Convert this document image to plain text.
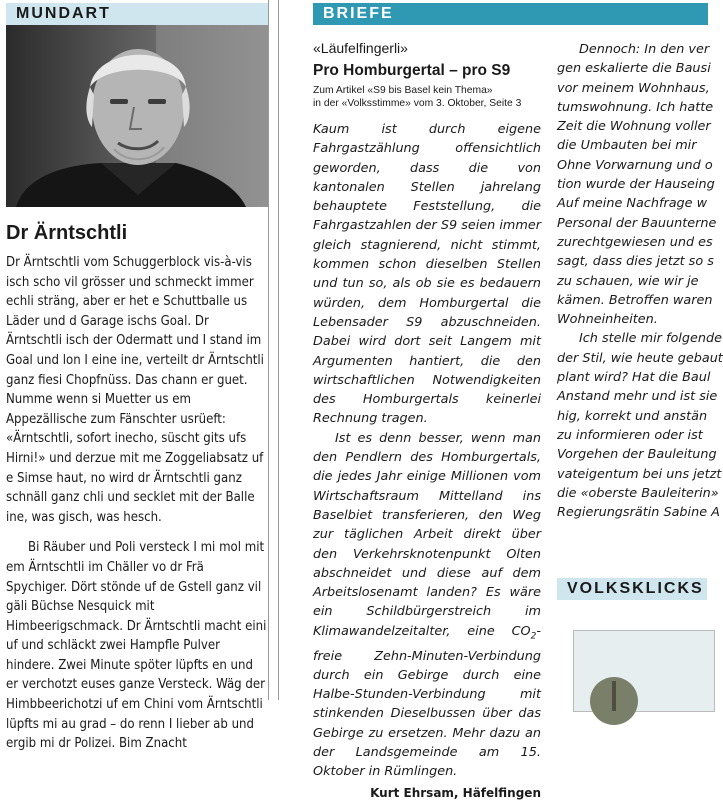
MUNDART
Dr Ärntschtli

Dr Ärntschtli vom Schuggerblock vis-à-vis isch scho vil grösser und schmeckt immer echli sträng, aber er het e Schuttballe us Läder und d Garage ischs Goal. Dr Ärntschtli isch der Odermatt und I stand im Goal und lon I eine ine, verteilt dr Ärntschtli ganz fiesi Chopfnüss. Das chann er guet. Numme wenn si Muetter us em Appezällische zum Fänschter usrüeft: «Ärntschtli, sofort inecho, süscht gits ufs Hirni!» und derzue mit me Zoggeliabsatz uf e Simse haut, no wird dr Ärntschtli ganz schnäll ganz chli und secklet mit der Balle ine, was gisch, was hesch.

Bi Räuber und Poli versteck I mi mol mit em Ärntschtli im Chäller vo dr Frä Spychiger. Dört stönde uf de Gstell ganz vil gäli Büchse Nesquick mit Himbeerigschmack. Dr Ärntschtli macht eini uf und schläckt zwei Hampfle Pulver hindere. Zwei Minute spöter lüpfts en und er verchotzt euses ganze Versteck. Wäg der Himbbeerichotzi uf em Chini vom Ärntschtli lüpfts mi au grad – do renn I lieber ab und ergib mi dr Polizei. Bim Znacht

BRIEFE
«Läufelfingerli»
Pro Homburgertal – pro S9
Zum Artikel «S9 bis Basel kein Thema»
in der «Volksstimme» vom 3. Oktober, Seite 3

Kaum ist durch eigene Fahrgastzählung offensichtlich geworden, dass die von kantonalen Stellen jahrelang behauptete Feststellung, die Fahrgastzahlen der S9 seien immer gleich stagnierend, nicht stimmt, kommen schon dieselben Stellen und tun so, als ob sie es bedauern würden, dem Homburgertal die Lebensader S9 abzuschneiden. Dabei wird dort seit Langem mit Argumenten hantiert, die den wirtschaftlichen Notwendigkeiten des Homburgertals keinerlei Rechnung tragen.

Ist es denn besser, wenn man den Pendlern des Homburgertals, die jedes Jahr einige Millionen vom Wirtschaftsraum Mittelland ins Baselbiet transferieren, den Weg zur täglichen Arbeit direkt über den Verkehrsknotenpunkt Olten abschneidet und diese auf dem Arbeitslosenamt landen? Es wäre ein Schildbürgerstreich im Klimawandelzeitalter, eine $CO_2$-freie Zehn-Minuten-Verbindung durch ein Gebirge durch eine Halbe-Stunden-Verbindung mit stinkenden Dieselbussen über das Gebirge zu ersetzen. Mehr dazu an der Landsgemeinde am 15. Oktober in Rümlingen.

Kurt Ehrsam, Häfelfingen
Dennoch: In den ver
gen eskalierte die Bausi
vor meinem Wohnhaus,
tumswohnung. Ich hatte
Zeit die Wohnung voller
die Umbauten bei mir
Ohne Vorwarnung und o
tion wurde der Hauseing
Auf meine Nachfrage w
Personal der Bauunterne
zurechtgewiesen und es
sagt, dass dies jetzt so s
zu schauen, wie wir je
kämen. Betroffen waren
Wohneinheiten.
Ich stelle mir folgende
der Stil, wie heute gebaut
plant wird? Hat die Baul
Anstand mehr und ist sie
hig, korrekt und anstän
zu informieren oder ist
Vorgehen der Bauleitung
vateigentum bei uns jetzt
die «oberste Bauleiterin»
Regierungsrätin Sabine A
VOLKSKLICKS
